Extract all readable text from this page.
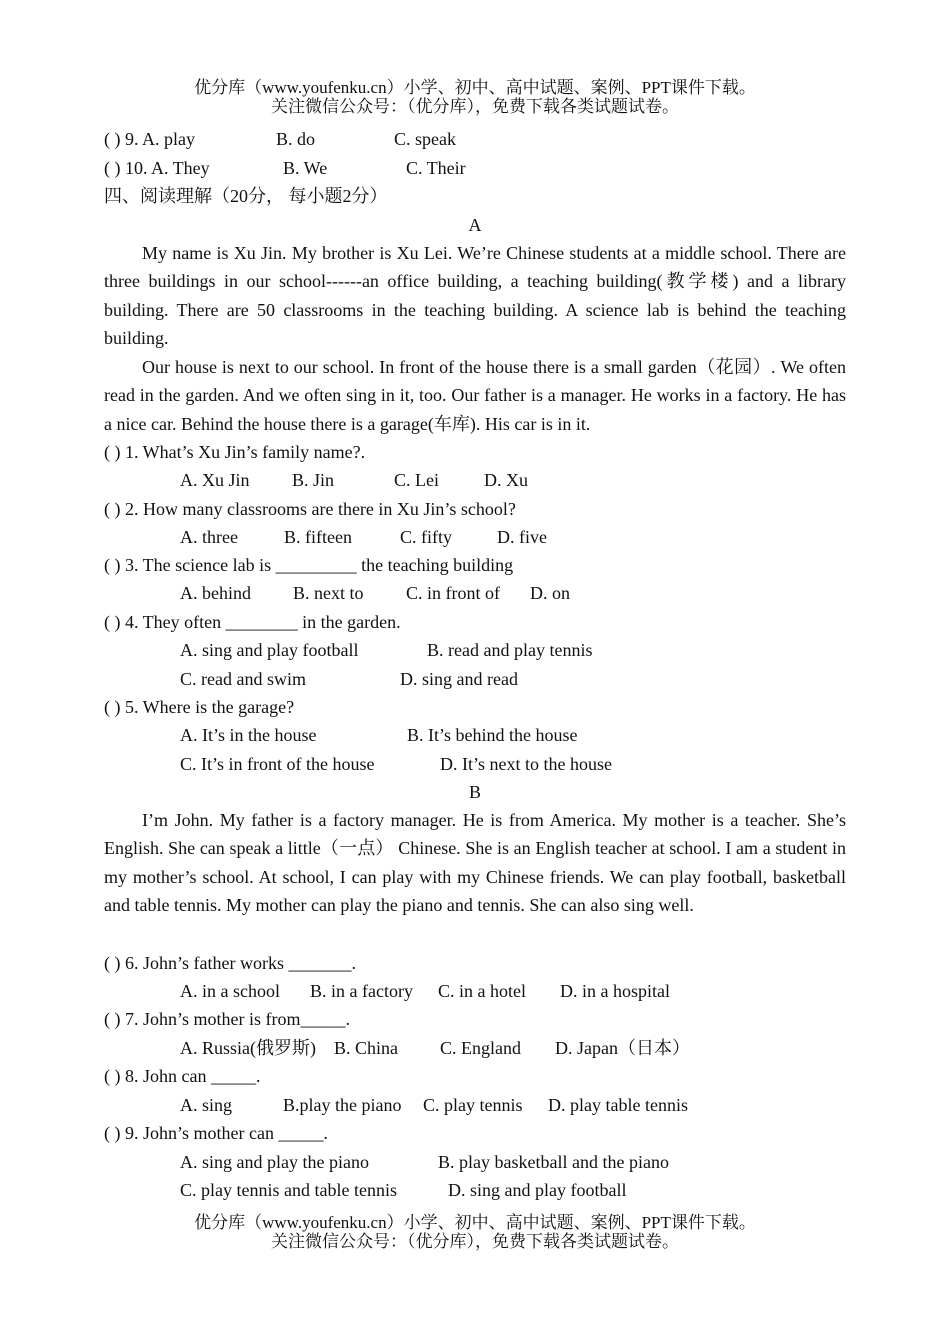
优分库（www.youfenku.cn）小学、初中、高中试题、案例、PPT课件下载。
关注微信公众号：（优分库），免费下载各类试题试卷。
( ) 9. A. play	B. do	C. speak
( ) 10. A. They	B. We	C. Their
四、阅读理解（20分， 每小题2分）
A
My name is Xu Jin. My brother is Xu Lei. We’re Chinese students at a middle school. There are three buildings in our school------an office building, a teaching building(教学楼) and a library building. There are 50 classrooms in the teaching building. A science lab is behind the teaching building.
Our house is next to our school. In front of the house there is a small garden（花园）. We often read in the garden. And we often sing in it, too. Our father is a manager. He works in a factory. He has a nice car. Behind the house there is a garage(车库). His car is in it.
( ) 1. What’s Xu Jin’s family name?.
A. Xu Jin B. Jin	C. Lei	D. Xu
( ) 2. How many classrooms are there in Xu Jin’s school?
A. three	B. fifteen	C. fifty	D. five
( ) 3. The science lab is _________ the teaching building
A. behind B. next to C. in front of D. on
( ) 4. They often ________ in the garden.
A. sing and play football	B. read and play tennis
C. read and swim	D. sing and read
( ) 5. Where is the garage?
A. It’s in the house	B. It’s behind the house
C. It’s in front of the house	D. It’s next to the house
B
I’m John. My father is a factory manager. He is from America. My mother is a teacher. She’s English. She can speak a little（一点） Chinese. She is an English teacher at school. I am a student in my mother’s school. At school, I can play with my Chinese friends. We can play football, basketball and table tennis. My mother can play the piano and tennis. She can also sing well.
( ) 6. John’s father works _______.
A. in a school B. in a factory C. in a hotel D. in a hospital
( ) 7. John’s mother is from_____.
A. Russia(俄罗斯) B. China C. England D. Japan（日本）
( ) 8. John can _____.
A. sing	B.play the piano C. play tennis D. play table tennis
( ) 9. John’s mother can _____.
A. sing and play the piano	B. play basketball and the piano
C. play tennis and table tennis	D. sing and play football
优分库（www.youfenku.cn）小学、初中、高中试题、案例、PPT课件下载。
关注微信公众号：（优分库），免费下载各类试题试卷。
